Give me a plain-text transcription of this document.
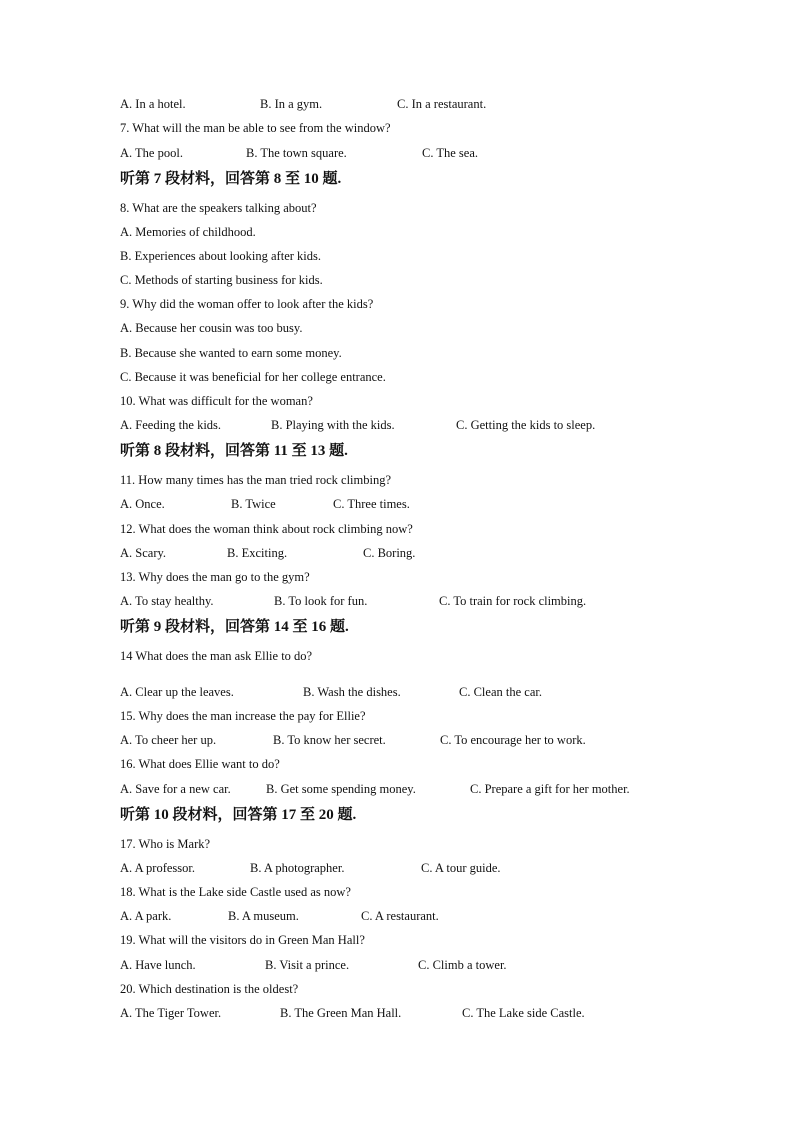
A. In a hotel.	B. In a gym.	C. In a restaurant.
7. What will the man be able to see from the window?
A. The pool.	B. The town square.	C. The sea.
听第 7 段材料，回答第 8 至 10 题.
8. What are the speakers talking about?
A. Memories of childhood.
B. Experiences about looking after kids.
C. Methods of starting business for kids.
9. Why did the woman offer to look after the kids?
A. Because her cousin was too busy.
B. Because she wanted to earn some money.
C. Because it was beneficial for her college entrance.
10. What was difficult for the woman?
A. Feeding the kids.	B. Playing with the kids.	C. Getting the kids to sleep.
听第 8 段材料，回答第 11 至 13 题.
11. How many times has the man tried rock climbing?
A. Once.	B. Twice	C. Three times.
12. What does the woman think about rock climbing now?
A. Scary.	B. Exciting.	C. Boring.
13. Why does the man go to the gym?
A. To stay healthy.	B. To look for fun.	C. To train for rock climbing.
听第 9 段材料，回答第 14 至 16 题.
14 What does the man ask Ellie to do?
A. Clear up the leaves.	B. Wash the dishes.	C. Clean the car.
15. Why does the man increase the pay for Ellie?
A. To cheer her up.	B. To know her secret.	C. To encourage her to work.
16. What does Ellie want to do?
A. Save for a new car.	B. Get some spending money.	C. Prepare a gift for her mother.
听第 10 段材料，回答第 17 至 20 题.
17. Who is Mark?
A. A professor.	B. A photographer.	C. A tour guide.
18. What is the Lake side Castle used as now?
A. A park.	B. A museum.	C. A restaurant.
19. What will the visitors do in Green Man Hall?
A. Have lunch.	B. Visit a prince.	C. Climb a tower.
20. Which destination is the oldest?
A. The Tiger Tower.	B. The Green Man Hall.	C. The Lake side Castle.
